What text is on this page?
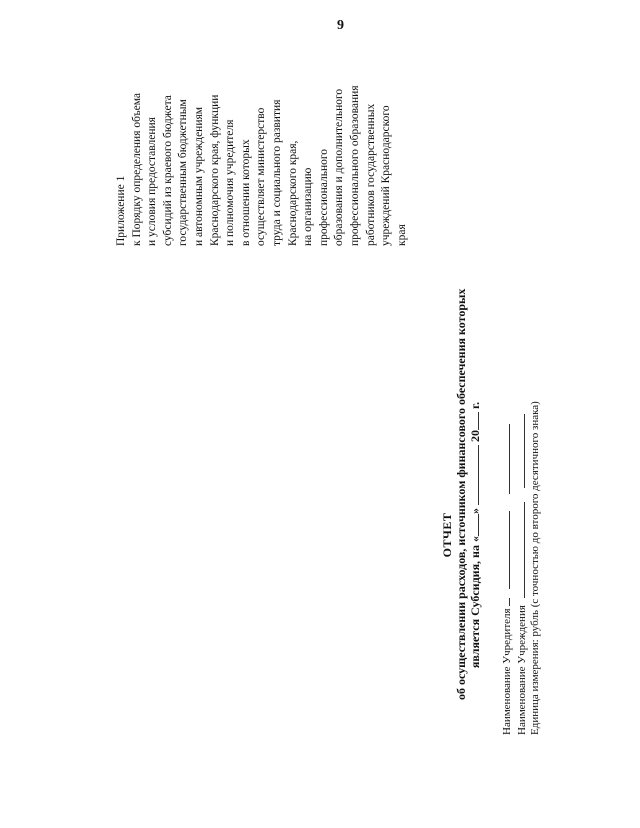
9
Приложение 1 к Порядку определения объема и условия предоставления субсидий из краевого бюджета государственным бюджетным и автономным учреждениям Краснодарского края, функции и полномочия учредителя в отношении которых осуществляет министерство труда и социального развития Краснодарского края, на организацию профессионального образования и дополнительного профессионального образования работников государственных учреждений Краснодарского края
ОТЧЕТ об осуществлении расходов, источником финансового обеспечения которых является Субсидия, на «»  20 г.
Наименование Учредителя Наименование Учреждения Единица измерения: рубль (с точностью до второго десятичного знака)
